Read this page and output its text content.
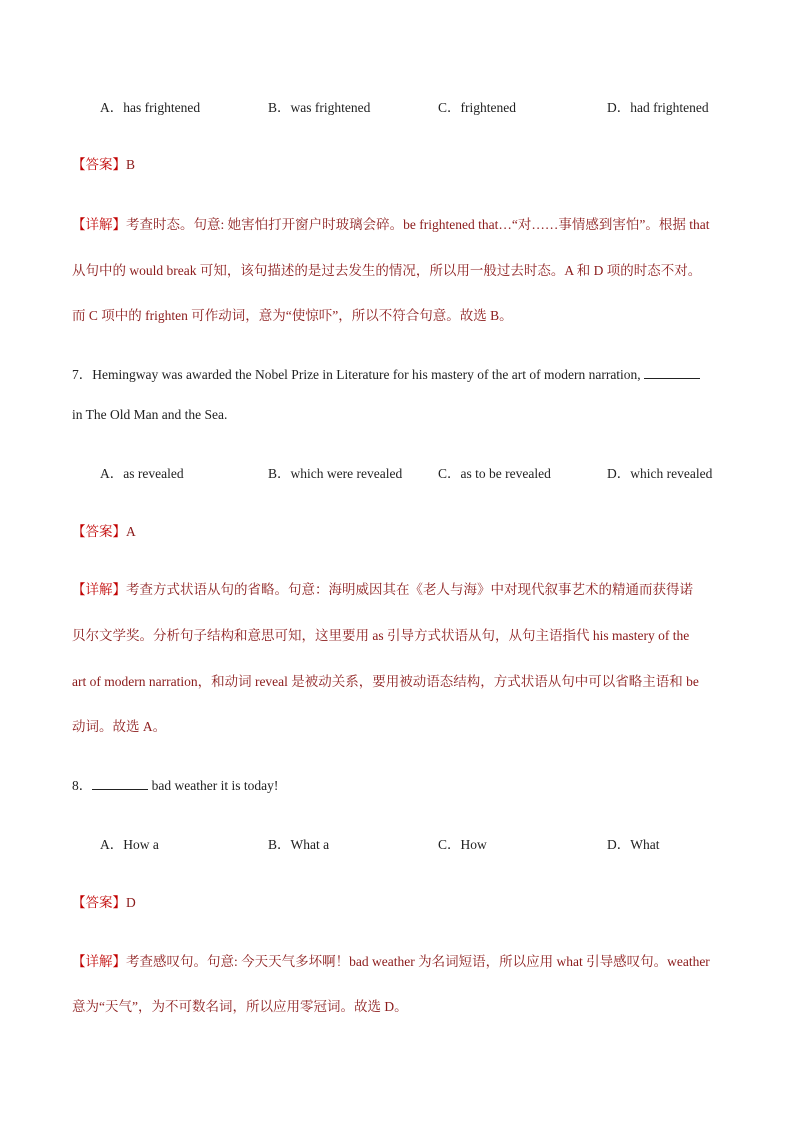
A．has frightened	B．was frightened	C．frightened	D．had frightened
【答案】B
【详解】考查时态。句意: 她害怕打开窗户时玻璃会碎。be frightened that…“对……事情感到害怕”。根据 that
从句中的 would break 可知，该句描述的是过去发生的情况，所以用一般过去时态。A 和 D 项的时态不对。
而 C 项中的 frighten 可作动词，意为“使惊吓”，所以不符合句意。故选 B。
7．Hemingway was awarded the Nobel Prize in Literature for his mastery of the art of modern narration,
in The Old Man and the Sea.
A．as revealed	B．which were revealed	C．as to be revealed	D．which revealed
【答案】A
【详解】考查方式状语从句的省略。句意：海明威因其在《老人与海》中对现代叙事艺术的精通而获得诺
贝尔文学奖。分析句子结构和意思可知，这里要用 as 引导方式状语从句，从句主语指代 his mastery of the
art of modern narration，和动词 reveal 是被动关系，要用被动语态结构，方式状语从句中可以省略主语和 be
动词。故选 A。
8．	bad weather it is today!
A．How a	B．What a	C．How	D．What
【答案】D
【详解】考查感叹句。句意: 今天天气多坏啊！bad weather 为名词短语，所以应用 what 引导感叹句。weather
意为“天气”，为不可数名词，所以应用零冠词。故选 D。
